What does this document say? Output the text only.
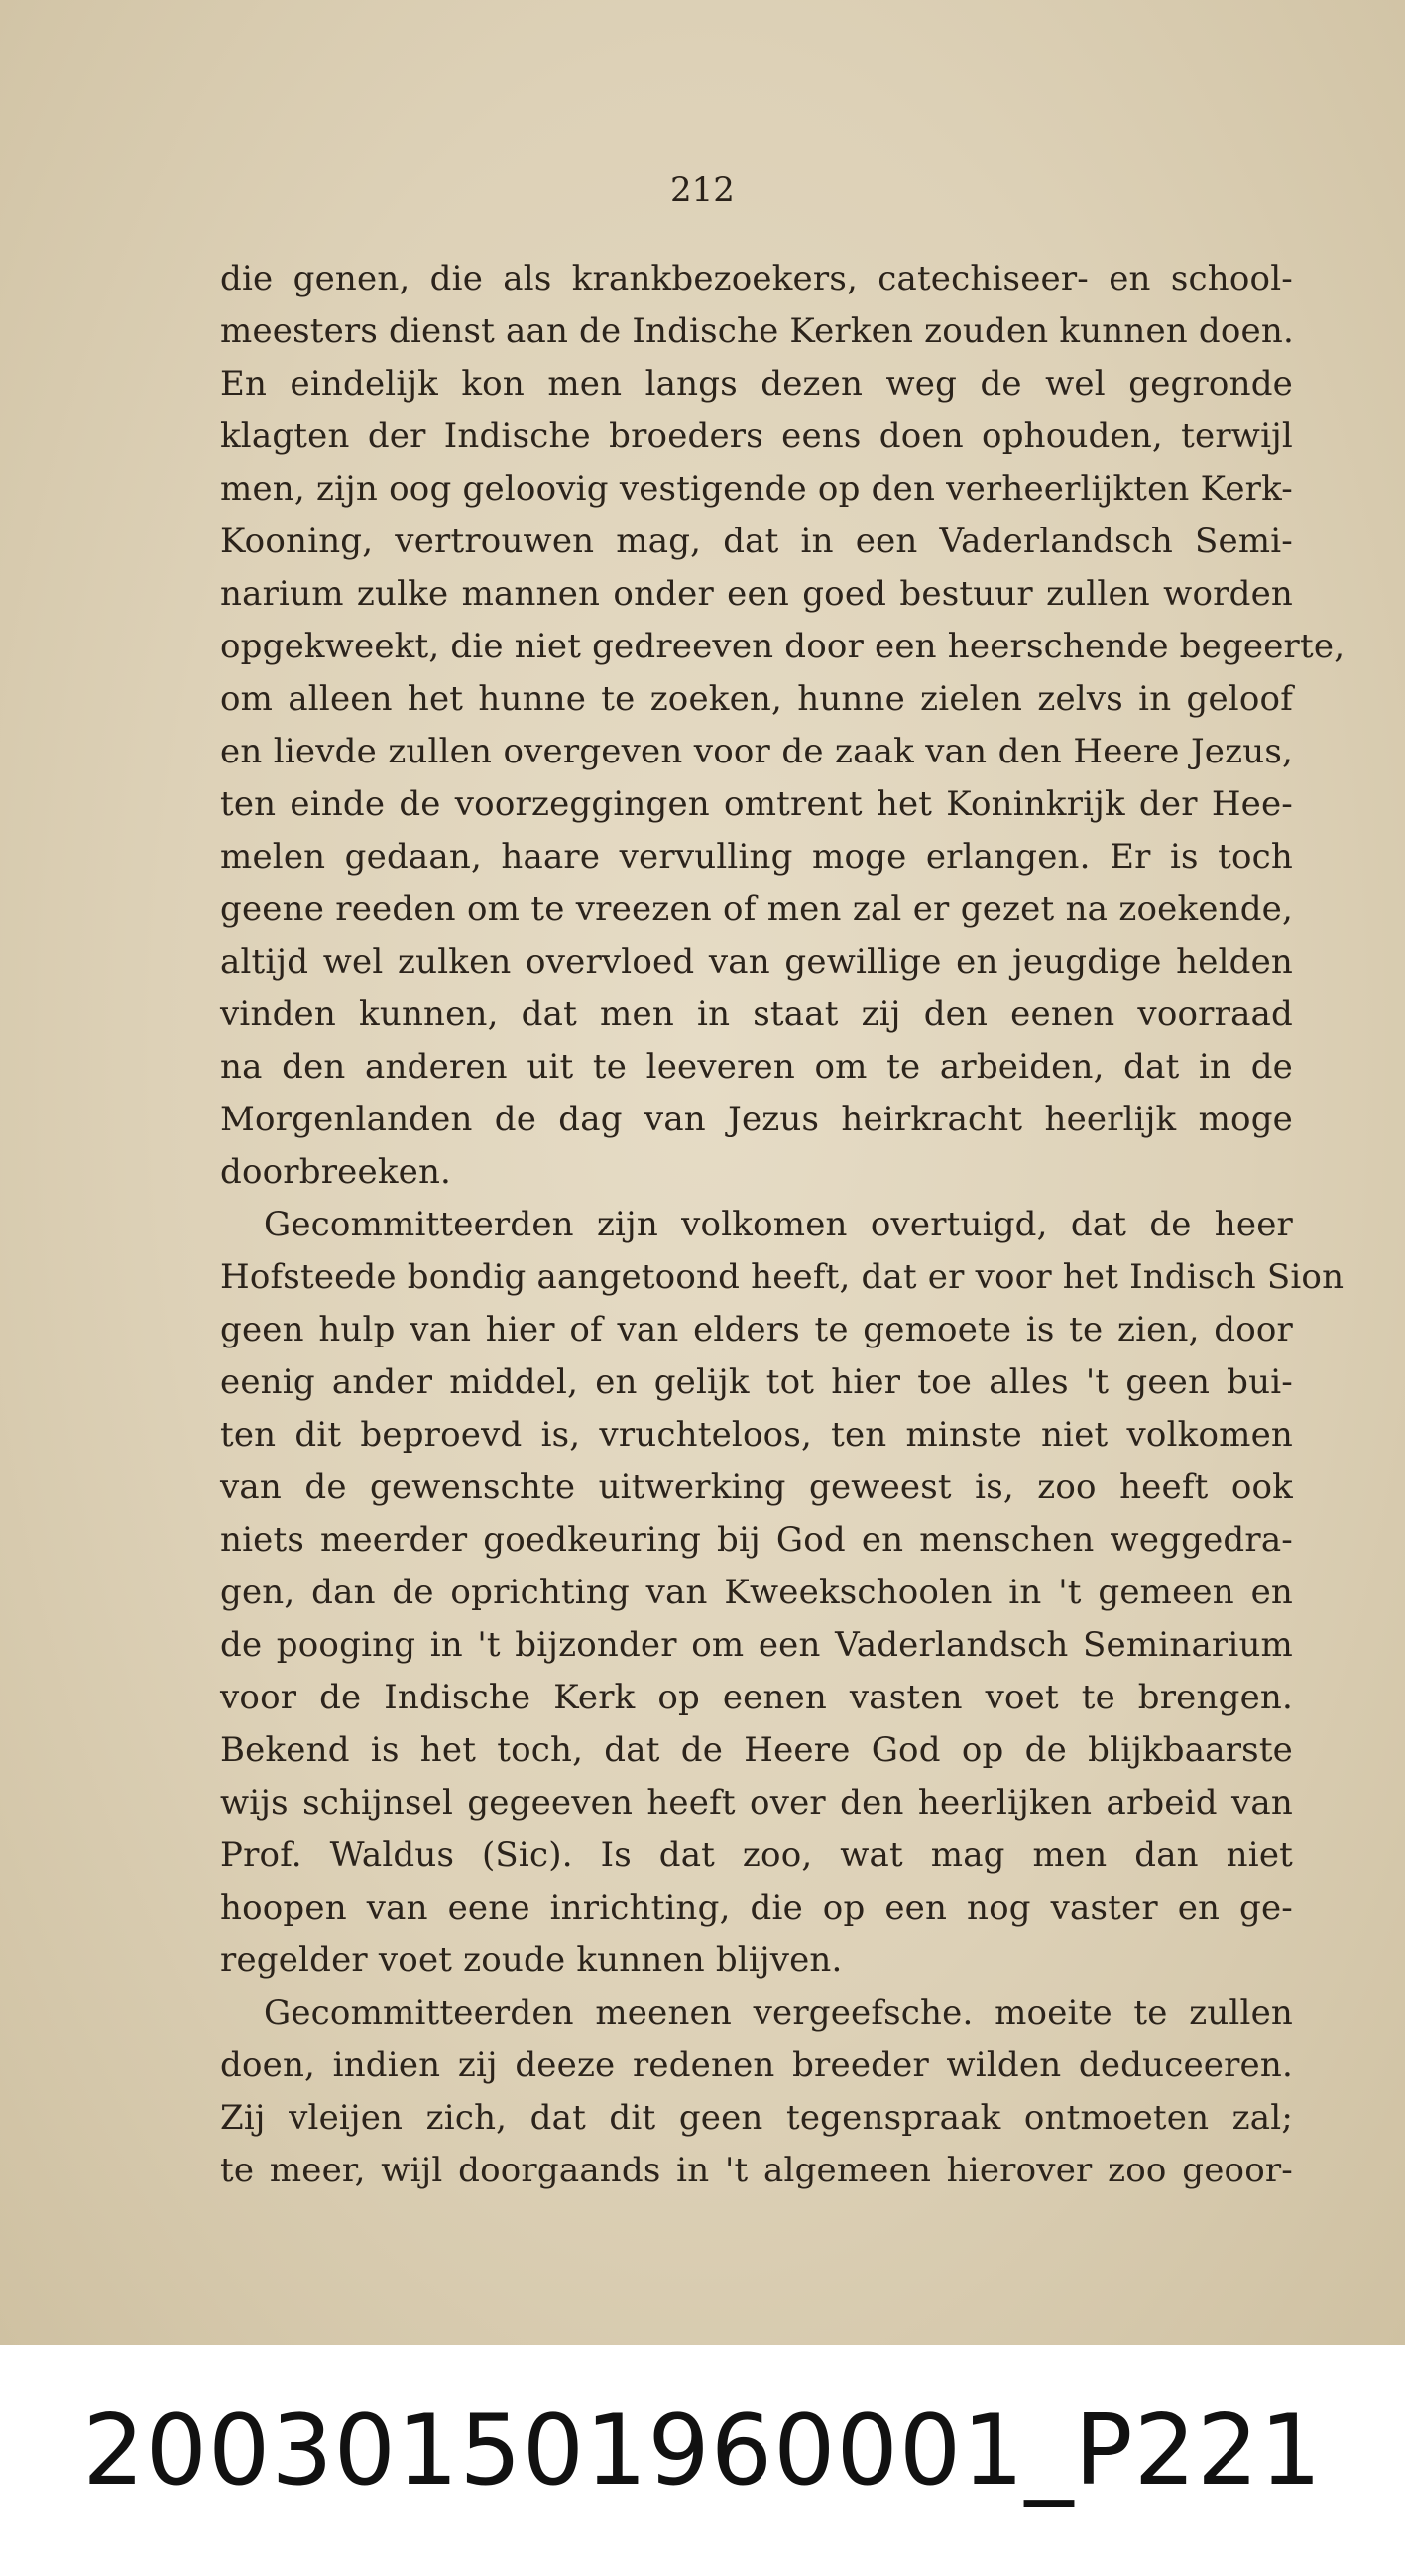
212
die genen, die als krankbezoekers, catechiseer- en school-
meesters dienst aan de Indische Kerken zouden kunnen doen.
En eindelijk kon men langs dezen weg de wel gegronde
klagten der Indische broeders eens doen ophouden, terwijl
men, zijn oog geloovig vestigende op den verheerlijkten Kerk-
Kooning, vertrouwen mag, dat in een Vaderlandsch Semi-
narium zulke mannen onder een goed bestuur zullen worden
opgekweekt, die niet gedreeven door een heerschende begeerte,
om alleen het hunne te zoeken, hunne zielen zelvs in geloof
en lievde zullen overgeven voor de zaak van den Heere Jezus,
ten einde de voorzeggingen omtrent het Koninkrijk der Hee-
melen gedaan, haare vervulling moge erlangen. Er is toch
geene reeden om te vreezen of men zal er gezet na zoekende,
altijd wel zulken overvloed van gewillige en jeugdige helden
vinden kunnen, dat men in staat zij den eenen voorraad
na den anderen uit te leeveren om te arbeiden, dat in de
Morgenlanden de dag van Jezus heirkracht heerlijk moge
doorbreeken.
Gecommitteerden zijn volkomen overtuigd, dat de heer
Hofsteede bondig aangetoond heeft, dat er voor het Indisch Sion
geen hulp van hier of van elders te gemoete is te zien, door
eenig ander middel, en gelijk tot hier toe alles 't geen bui-
ten dit beproevd is, vruchteloos, ten minste niet volkomen
van de gewenschte uitwerking geweest is, zoo heeft ook
niets meerder goedkeuring bij God en menschen weggedra-
gen, dan de oprichting van Kweekschoolen in 't gemeen en
de pooging in 't bijzonder om een Vaderlandsch Seminarium
voor de Indische Kerk op eenen vasten voet te brengen.
Bekend is het toch, dat de Heere God op de blijkbaarste
wijs schijnsel gegeeven heeft over den heerlijken arbeid van
Prof. Waldus (Sic). Is dat zoo, wat mag men dan niet
hoopen van eene inrichting, die op een nog vaster en ge-
regelder voet zoude kunnen blijven.
Gecommitteerden meenen vergeefsche. moeite te zullen
doen, indien zij deeze redenen breeder wilden deduceeren.
Zij vleijen zich, dat dit geen tegenspraak ontmoeten zal;
te meer, wijl doorgaands in 't algemeen hierover zoo geoor-
20030150196000‌1_P221
